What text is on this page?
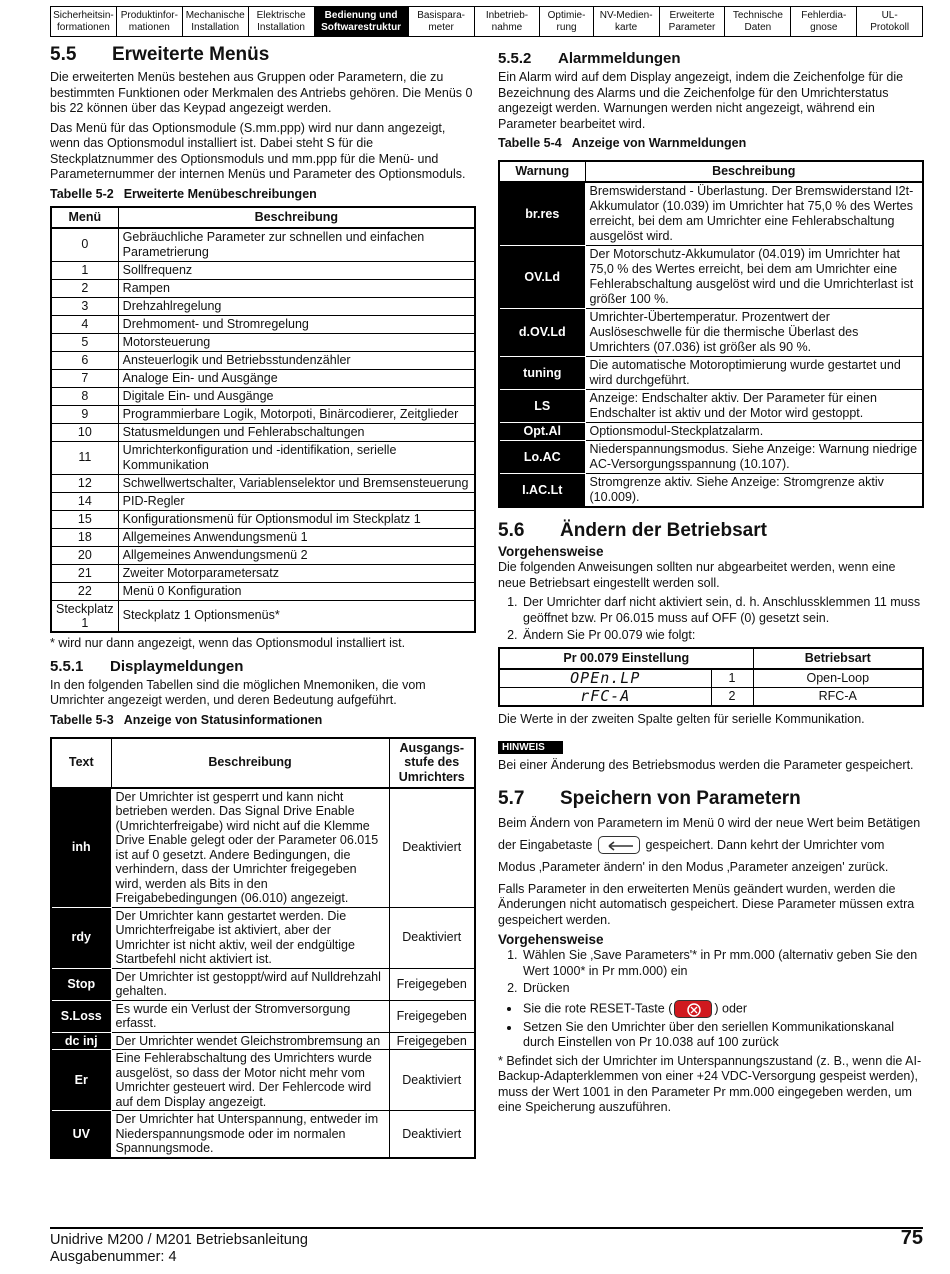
Sicherheitsin-
formationen
Produktinfor-
mationen
Mechanische
Installation
Elektrische
Installation
Bedienung und
Softwarestruktur
Basispara-
meter
Inbetrieb-
nahme
Optimie-
rung
NV-Medien-
karte
Erweiterte
Parameter
Technische
Daten
Fehlerdia-
gnose
UL-
Protokoll
5.5	Erweiterte Menüs

Die erweiterten Menüs bestehen aus Gruppen oder Parametern, die zu bestimmten Funktionen oder Merkmalen des Antriebs gehören. Die Menüs 0 bis 22 können über das Keypad angezeigt werden.

Das Menü für das Optionsmodule (S.mm.ppp) wird nur dann angezeigt, wenn das Optionsmodul installiert ist. Dabei steht S für die Steckplatznummer des Optionsmoduls und mm.ppp für die Menü- und Parameternummer der internen Menüs und Parameter des Optionsmoduls.

Tabelle 5-2 Erweiterte Menübeschreibungen
Menü	Beschreibung
0	Gebräuchliche Parameter zur schnellen und einfachen Parametrierung
1	Sollfrequenz
2	Rampen
3	Drehzahlregelung
4	Drehmoment- und Stromregelung
5	Motorsteuerung
6	Ansteuerlogik und Betriebsstundenzähler
7	Analoge Ein- und Ausgänge
8	Digitale Ein- und Ausgänge
9	Programmierbare Logik, Motorpoti, Binärcodierer, Zeitglieder
10	Statusmeldungen und Fehlerabschaltungen
11	Umrichterkonfiguration und -identifikation, serielle Kommunikation
12	Schwellwertschalter, Variablenselektor und Bremsensteuerung
14	PID-Regler
15	Konfigurationsmenü für Optionsmodul im Steckplatz 1
18	Allgemeines Anwendungsmenü 1
20	Allgemeines Anwendungsmenü 2
21	Zweiter Motorparametersatz
22	Menü 0 Konfiguration
Steckplatz 1	Steckplatz 1 Optionsmenüs*
* wird nur dann angezeigt, wenn das Optionsmodul installiert ist.
5.5.1	Displaymeldungen

In den folgenden Tabellen sind die möglichen Mnemoniken, die vom Umrichter angezeigt werden, und deren Bedeutung aufgeführt.

Tabelle 5-3 Anzeige von Statusinformationen
Text	Beschreibung	Ausgangs-stufe des Umrichters
inh	Der Umrichter ist gesperrt und kann nicht betrieben werden. Das Signal Drive Enable (Umrichterfreigabe) wird nicht auf die Klemme Drive Enable gelegt oder der Parameter 06.015 ist auf 0 gesetzt. Andere Bedingungen, die verhindern, dass der Umrichter freigegeben wird, werden als Bits in den Freigabebedingungen (06.010) angezeigt.	Deaktiviert
rdy	Der Umrichter kann gestartet werden. Die Umrichterfreigabe ist aktiviert, aber der Umrichter ist nicht aktiv, weil der endgültige Startbefehl nicht aktiviert ist.	Deaktiviert
Stop	Der Umrichter ist gestoppt/wird auf Nulldrehzahl gehalten.	Freigegeben
S.Loss	Es wurde ein Verlust der Stromversorgung erfasst.	Freigegeben
dc inj	Der Umrichter wendet Gleichstrombremsung an	Freigegeben
Er	Eine Fehlerabschaltung des Umrichters wurde ausgelöst, so dass der Motor nicht mehr vom Umrichter gesteuert wird. Der Fehlercode wird auf dem Display angezeigt.	Deaktiviert
UV	Der Umrichter hat Unterspannung, entweder im Niederspannungsmode oder im normalen Spannungsmode.	Deaktiviert
5.5.2	Alarmmeldungen

Ein Alarm wird auf dem Display angezeigt, indem die Zeichenfolge für die Bezeichnung des Alarms und die Zeichenfolge für den Umrichterstatus angezeigt werden. Warnungen werden nicht angezeigt, während ein Parameter bearbeitet wird.

Tabelle 5-4 Anzeige von Warnmeldungen
Warnung	Beschreibung
br.res	Bremswiderstand - Überlastung. Der Bremswiderstand I2t-Akkumulator (10.039) im Umrichter hat 75,0 % des Wertes erreicht, bei dem am Umrichter eine Fehlerabschaltung ausgelöst wird.
OV.Ld	Der Motorschutz-Akkumulator (04.019) im Umrichter hat 75,0 % des Wertes erreicht, bei dem am Umrichter eine Fehlerabschaltung ausgelöst wird und die Umrichterlast ist größer 100 %.
d.OV.Ld	Umrichter-Übertemperatur. Prozentwert der Auslöseschwelle für die thermische Überlast des Umrichters (07.036) ist größer als 90 %.
tuning	Die automatische Motoroptimierung wurde gestartet und wird durchgeführt.
LS	Anzeige: Endschalter aktiv. Der Parameter für einen Endschalter ist aktiv und der Motor wird gestoppt.
Opt.Al	Optionsmodul-Steckplatzalarm.
Lo.AC	Niederspannungsmodus. Siehe Anzeige: Warnung niedrige AC-Versorgungsspannung (10.107).
I.AC.Lt	Stromgrenze aktiv. Siehe Anzeige: Stromgrenze aktiv (10.009).
5.6	Ändern der Betriebsart
Vorgehensweise

Die folgenden Anweisungen sollten nur abgearbeitet werden, wenn eine neue Betriebsart eingestellt werden soll.

1. Der Umrichter darf nicht aktiviert sein, d. h. Anschlussklemmen 11 muss geöffnet bzw. Pr 06.015 muss auf OFF (0) gesetzt sein.
2. Ändern Sie Pr 00.079 wie folgt:
Pr 00.079 Einstellung		Betriebsart
OPEn.LP	1	Open-Loop
rFC-A	2	RFC-A

Die Werte in der zweiten Spalte gelten für serielle Kommunikation.

HINWEIS

Bei einer Änderung des Betriebsmodus werden die Parameter gespeichert.

5.7	Speichern von Parametern

Beim Ändern von Parametern im Menü 0 wird der neue Wert beim Betätigen der Eingabetaste	gespeichert. Dann kehrt der Umrichter vom Modus ‚Parameter ändern' in den Modus ‚Parameter anzeigen' zurück.

Falls Parameter in den erweiterten Menüs geändert wurden, werden die Änderungen nicht automatisch gespeichert. Diese Parameter müssen extra gespeichert werden.

Vorgehensweise
1. Wählen Sie ‚Save Parameters'* in Pr mm.000 (alternativ geben Sie den Wert 1000* in Pr mm.000) ein
2. Drücken
• Sie die rote RESET-Taste (	) oder
• Setzen Sie den Umrichter über den seriellen Kommunikationskanal durch Einstellen von Pr 10.038 auf 100 zurück

* Befindet sich der Umrichter im Unterspannungszustand (z. B., wenn die AI-Backup-Adapterklemmen von einer +24 VDC-Versorgung gespeist werden), muss der Wert 1001 in den Parameter Pr mm.000 eingegeben werden, um eine Speicherung auszuführen.

Unidrive M200 / M201 Betriebsanleitung
Ausgabenummer: 4
75
